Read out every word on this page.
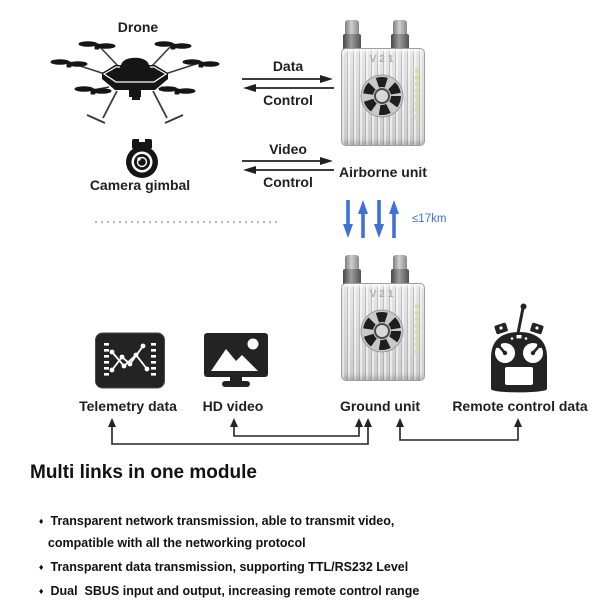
Drone
Camera gimbal
Data
Control
Video
Control
V21
Airborne unit
≤17km
V21
Telemetry data	HD video	Ground unit	Remote control data
Multi links in one module

♦ Transparent network transmission, able to transmit video,

compatible with all the networking protocol

♦ Transparent data transmission, supporting TTL/RS232 Level

♦ Dual  SBUS input and output, increasing remote control range
